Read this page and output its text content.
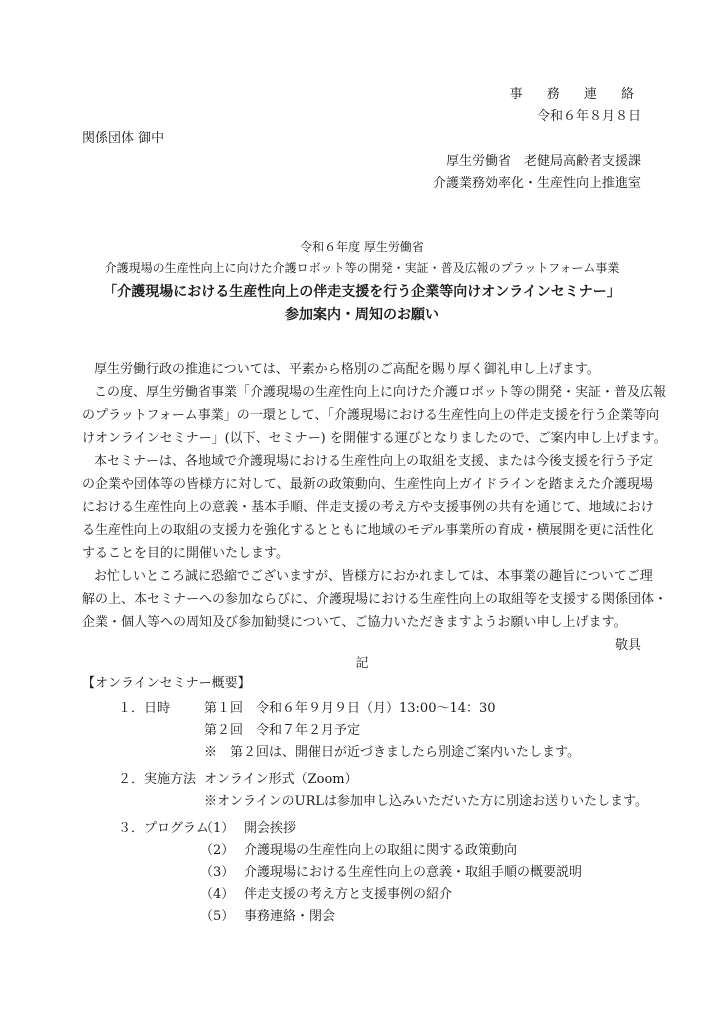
事 務 連 絡
令和６年８月８日
関係団体 御中
厚生労働省　老健局高齢者支援課
介護業務効率化・生産性向上推進室
令和６年度 厚生労働省
介護現場の生産性向上に向けた介護ロボット等の開発・実証・普及広報のプラットフォーム事業
「介護現場における生産性向上の伴走支援を行う企業等向けオンラインセミナー」
参加案内・周知のお願い
厚生労働行政の推進については、平素から格別のご高配を賜り厚く御礼申し上げます。
この度、厚生労働省事業「介護現場の生産性向上に向けた介護ロボット等の開発・実証・普及広報
のプラットフォーム事業」の一環として、「介護現場における生産性向上の伴走支援を行う企業等向
けオンラインセミナー」(以下、セミナー) を開催する運びとなりましたので、ご案内申し上げます。
本セミナーは、各地域で介護現場における生産性向上の取組を支援、または今後支援を行う予定
の企業や団体等の皆様方に対して、最新の政策動向、生産性向上ガイドラインを踏まえた介護現場
における生産性向上の意義・基本手順、伴走支援の考え方や支援事例の共有を通じて、地域におけ
る生産性向上の取組の支援力を強化するとともに地域のモデル事業所の育成・横展開を更に活性化
することを目的に開催いたします。
お忙しいところ誠に恐縮でございますが、皆様方におかれましては、本事業の趣旨についてご理
解の上、本セミナーへの参加ならびに、介護現場における生産性向上の取組等を支援する関係団体・
企業・個人等への周知及び参加勧奨について、ご協力いただきますようお願い申し上げます。
敬具
記
【オンラインセミナー概要】
１．日時	第１回　令和６年９月９日（月）13:00～14：30
第２回　令和７年２月予定
※　第２回は、開催日が近づきましたら別途ご案内いたします。
２．実施方法 オンライン形式（Zoom）
※オンラインのURLは参加申し込みいただいた方に別途お送りいたします。
３．プログラム
（1） 開会挨拶
（2） 介護現場の生産性向上の取組に関する政策動向
（3） 介護現場における生産性向上の意義・取組手順の概要説明
（4） 伴走支援の考え方と支援事例の紹介
（5） 事務連絡・閉会
